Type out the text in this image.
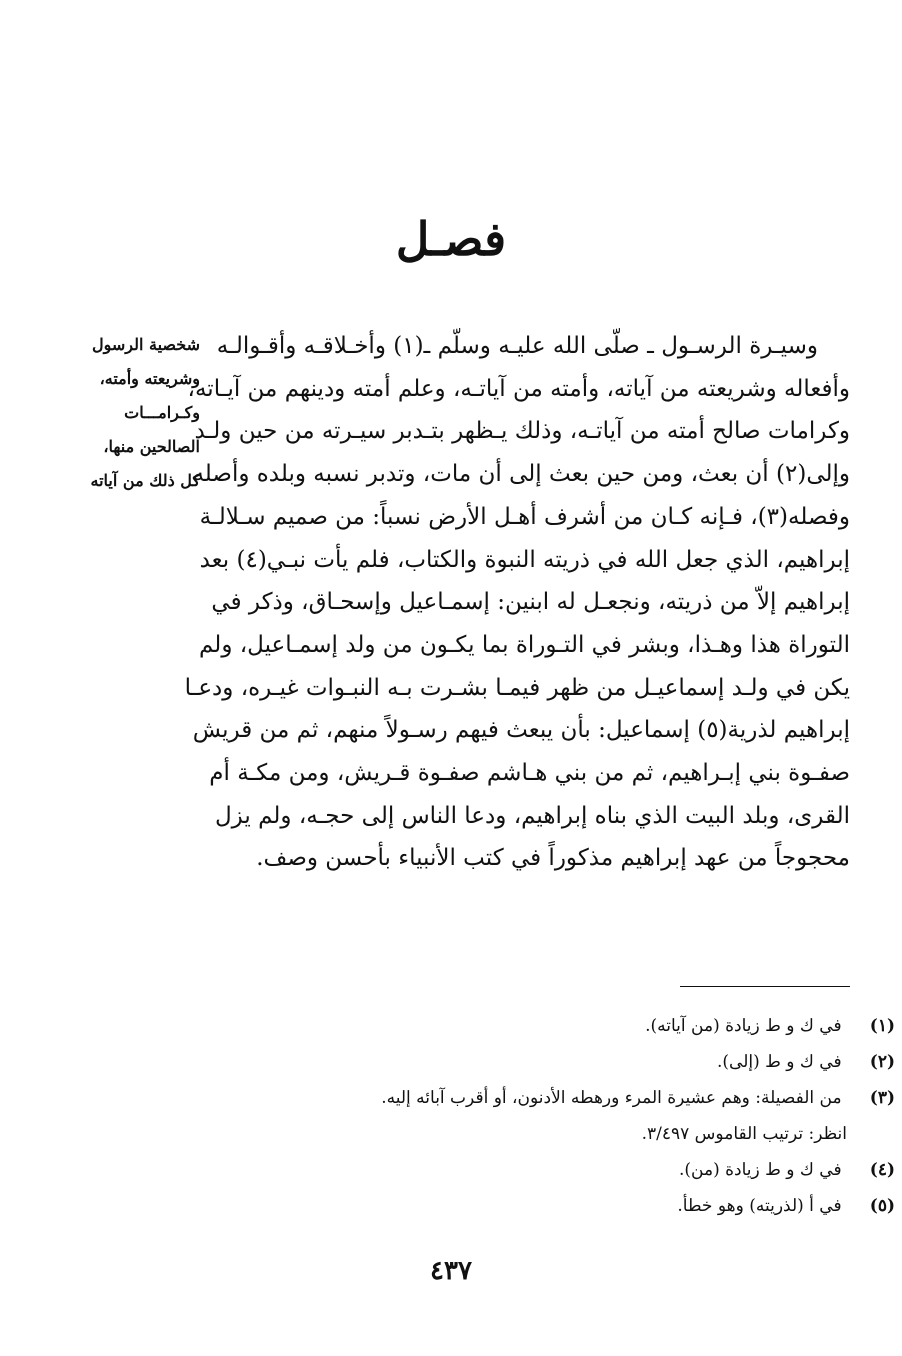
فصـل
شخصية الرسول
وشريعته وأمته،
وكـرامـــات
الصالحين منها،
كل ذلك من آياته
وسيـرة الرسـول ـ صلّى الله عليـه وسلّم ـ(١) وأخـلاقـه وأقـوالـه
وأفعاله وشريعته من آياته، وأمته من آياتـه، وعلم أمته ودينهم من آيـاته،
وكرامات صالح أمته من آياتـه، وذلك يـظهر بتـدبر سيـرته من حين ولـد
وإلى(٢) أن بعث، ومن حين بعث إلى أن مات، وتدبر نسبه وبلده وأصله
وفصله(٣)، فـإنه كـان من أشرف أهـل الأرض نسباً: من صميم سـلالـة
إبراهيم، الذي جعل الله في ذريته النبوة والكتاب، فلم يأت نبـي(٤) بعد
إبراهيم إلاّ من ذريته، ونجعـل له ابنين: إسمـاعيل وإسحـاق، وذكر في
التوراة هذا وهـذا، وبشر في التـوراة بما يكـون من ولد إسمـاعيل، ولم
يكن في ولـد إسماعيـل من ظهر فيمـا بشـرت بـه النبـوات غيـره، ودعـا
إبراهيم لذرية(٥) إسماعيل: بأن يبعث فيهم رسـولاً منهم، ثم من قريش
صفـوة بني إبـراهيم، ثم من بني هـاشم صفـوة قـريش، ومن مكـة أم
القرى، وبلد البيت الذي بناه إبراهيم، ودعا الناس إلى حجـه، ولم يزل
محجوجاً من عهد إبراهيم مذكوراً في كتب الأنبياء بأحسن وصف.
(١) في ك و ط زيادة (من آياته).
(٢) في ك و ط (إلى).
(٣) من الفصيلة: وهم عشيرة المرء ورهطه الأدنون، أو أقرب آبائه إليه.
انظر: ترتيب القاموس ٣/٤٩٧.
(٤) في ك و ط زيادة (من).
(٥) في أ (لذريته) وهو خطأ.
٤٣٧
